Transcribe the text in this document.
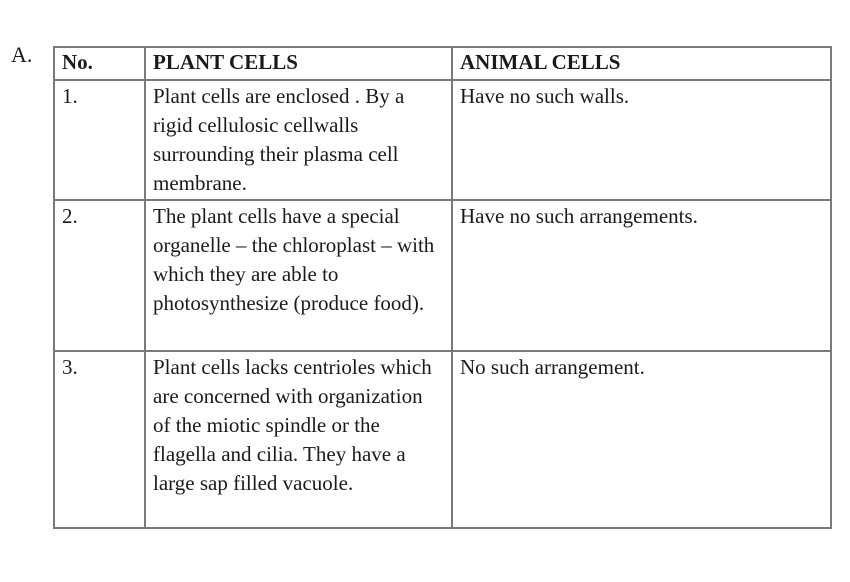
A. No.	PLANT CELLS	ANIMAL CELLS
1.	Plant cells are enclosed . By a rigid cellulosic cellwalls surrounding their plasma cell membrane.	Have no such walls.
2.	The plant cells have a special organelle – the chloroplast – with which they are able to photosynthesize (produce food).	Have no such arrangements.
3.	Plant cells lacks centrioles which are concerned with organization of the miotic spindle or the flagella and cilia. They have a large sap filled vacuole.	No such arrangement.
